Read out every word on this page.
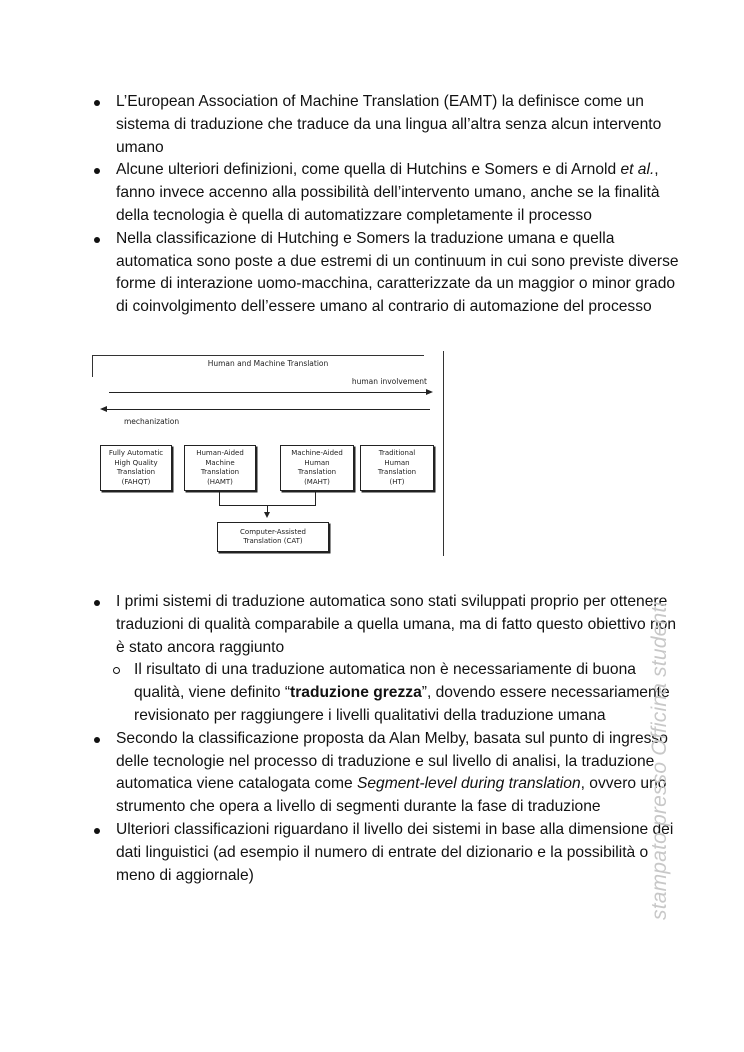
L’European Association of Machine Translation (EAMT) la definisce come un sistema di traduzione che traduce da una lingua all’altra senza alcun intervento umano
Alcune ulteriori definizioni, come quella di Hutchins e Somers e di Arnold et al., fanno invece accenno alla possibilità dell’intervento umano, anche se la finalità della tecnologia è quella di automatizzare completamente il processo
Nella classificazione di Hutching e Somers la traduzione umana e quella automatica sono poste a due estremi di un continuum in cui sono previste diverse forme di interazione uomo-macchina, caratterizzate da un maggior o minor grado di coinvolgimento dell’essere umano al contrario di automazione del processo
Human and Machine Translation
human involvement
mechanization
Fully Automatic
High Quality
Translation
(FAHQT)
Human-Aided
Machine
Translation
(HAMT)
Machine-Aided
Human
Translation
(MAHT)
Traditional
Human
Translation
(HT)
Computer-Assisted
Translation (CAT)
I primi sistemi di traduzione automatica sono stati sviluppati proprio per ottenere traduzioni di qualità comparabile a quella umana, ma di fatto questo obiettivo non è stato ancora raggiunto
Il risultato di una traduzione automatica non è necessariamente di buona qualità, viene definito “traduzione grezza”, dovendo essere necessariamente revisionato per raggiungere i livelli qualitativi della traduzione umana
Secondo la classificazione proposta da Alan Melby, basata sul punto di ingresso delle tecnologie nel processo di traduzione e sul livello di analisi, la traduzione automatica viene catalogata come Segment-level during translation, ovvero uno strumento che opera a livello di segmenti durante la fase di traduzione
Ulteriori classificazioni riguardano il livello dei sistemi in base alla dimensione dei dati linguistici (ad esempio il numero di entrate del dizionario e la possibilità o meno di aggiornale)	stampato presso Officina studenti
